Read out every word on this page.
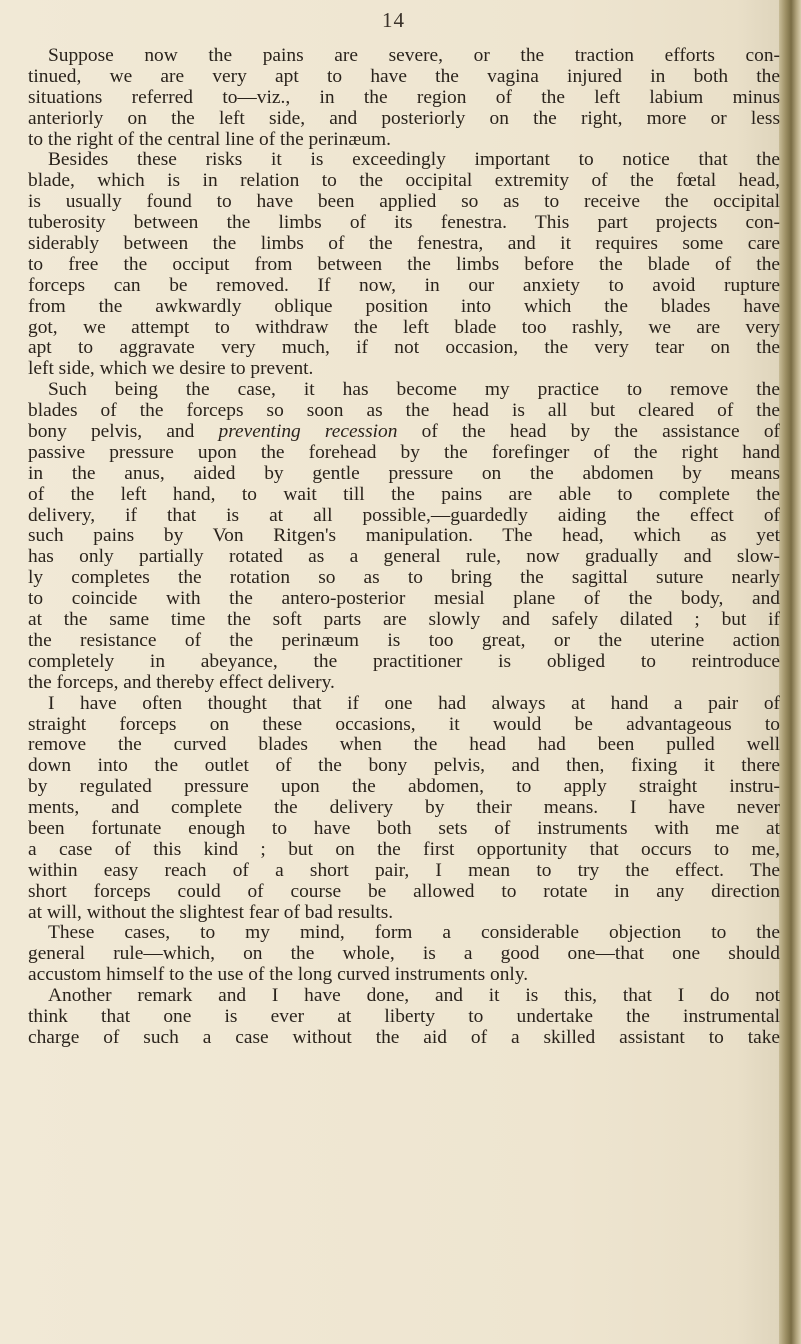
14
Suppose now the pains are severe, or the traction efforts con-
tinued, we are very apt to have the vagina injured in both the
situations referred to—viz., in the region of the left labium minus
anteriorly on the left side, and posteriorly on the right, more or less
to the right of the central line of the perinæum.
Besides these risks it is exceedingly important to notice that the
blade, which is in relation to the occipital extremity of the fœtal head,
is usually found to have been applied so as to receive the occipital
tuberosity between the limbs of its fenestra. This part projects con-
siderably between the limbs of the fenestra, and it requires some care
to free the occiput from between the limbs before the blade of the
forceps can be removed. If now, in our anxiety to avoid rupture
from the awkwardly oblique position into which the blades have
got, we attempt to withdraw the left blade too rashly, we are very
apt to aggravate very much, if not occasion, the very tear on the
left side, which we desire to prevent.
Such being the case, it has become my practice to remove the
blades of the forceps so soon as the head is all but cleared of the
bony pelvis, and preventing recession of the head by the assistance of
passive pressure upon the forehead by the forefinger of the right hand
in the anus, aided by gentle pressure on the abdomen by means
of the left hand, to wait till the pains are able to complete the
delivery, if that is at all possible,—guardedly aiding the effect of
such pains by Von Ritgen's manipulation. The head, which as yet
has only partially rotated as a general rule, now gradually and slow-
ly completes the rotation so as to bring the sagittal suture nearly
to coincide with the antero-posterior mesial plane of the body, and
at the same time the soft parts are slowly and safely dilated ; but if
the resistance of the perinæum is too great, or the uterine action
completely in abeyance, the practitioner is obliged to reintroduce
the forceps, and thereby effect delivery.
I have often thought that if one had always at hand a pair of
straight forceps on these occasions, it would be advantageous to
remove the curved blades when the head had been pulled well
down into the outlet of the bony pelvis, and then, fixing it there
by regulated pressure upon the abdomen, to apply straight instru-
ments, and complete the delivery by their means. I have never
been fortunate enough to have both sets of instruments with me at
a case of this kind ; but on the first opportunity that occurs to me,
within easy reach of a short pair, I mean to try the effect. The
short forceps could of course be allowed to rotate in any direction
at will, without the slightest fear of bad results.
These cases, to my mind, form a considerable objection to the
general rule—which, on the whole, is a good one—that one should
accustom himself to the use of the long curved instruments only.
Another remark and I have done, and it is this, that I do not
think that one is ever at liberty to undertake the instrumental
charge of such a case without the aid of a skilled assistant to take
